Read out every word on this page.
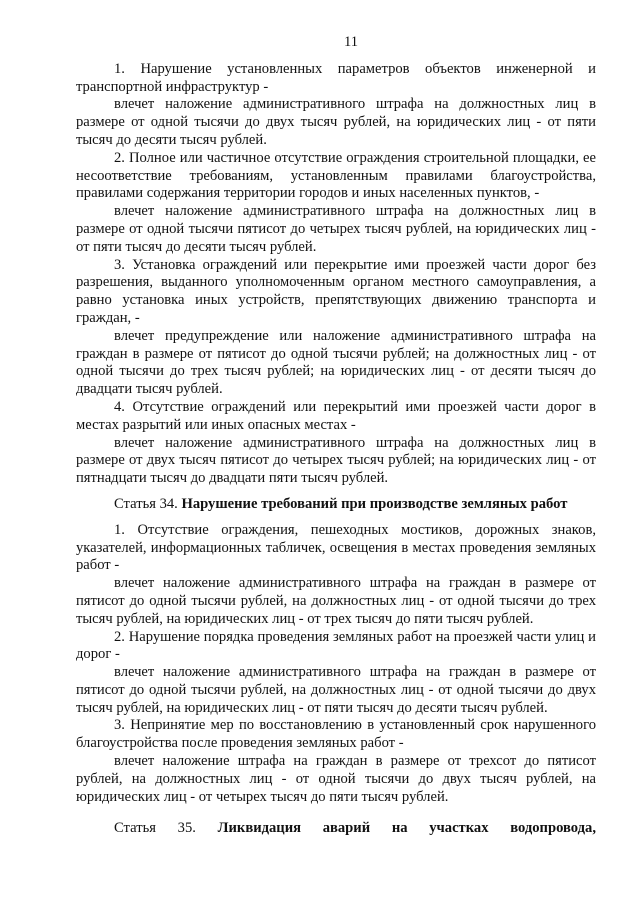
11

1. Нарушение установленных параметров объектов инженерной и транспортной инфраструктур -

влечет наложение административного штрафа на должностных лиц в размере от одной тысячи до двух тысяч рублей, на юридических лиц - от пяти тысяч до десяти тысяч рублей.

2. Полное или частичное отсутствие ограждения строительной площадки, ее несоответствие требованиям, установленным правилами благоустройства, правилами содержания территории городов и иных населенных пунктов, -

влечет наложение административного штрафа на должностных лиц в размере от одной тысячи пятисот до четырех тысяч рублей, на юридических лиц - от пяти тысяч до десяти тысяч рублей.

3. Установка ограждений или перекрытие ими проезжей части дорог без разрешения, выданного уполномоченным органом местного самоуправления, а равно установка иных устройств, препятствующих движению транспорта и граждан, -

влечет предупреждение или наложение административного штрафа на граждан в размере от пятисот до одной тысячи рублей; на должностных лиц - от одной тысячи до трех тысяч рублей; на юридических лиц - от десяти тысяч до двадцати тысяч рублей.

4. Отсутствие ограждений или перекрытий ими проезжей части дорог в местах разрытий или иных опасных местах -

влечет наложение административного штрафа на должностных лиц в размере от двух тысяч пятисот до четырех тысяч рублей; на юридических лиц - от пятнадцати тысяч до двадцати пяти тысяч рублей.

Статья 34. Нарушение требований при производстве земляных работ

1. Отсутствие ограждения, пешеходных мостиков, дорожных знаков, указателей, информационных табличек, освещения в местах проведения земляных работ -

влечет наложение административного штрафа на граждан в размере от пятисот до одной тысячи рублей, на должностных лиц - от одной тысячи до трех тысяч рублей, на юридических лиц - от трех тысяч до пяти тысяч рублей.

2. Нарушение порядка проведения земляных работ на проезжей части улиц и дорог -

влечет наложение административного штрафа на граждан в размере от пятисот до одной тысячи рублей, на должностных лиц - от одной тысячи до двух тысяч рублей, на юридических лиц - от пяти тысяч до десяти тысяч рублей.

3. Непринятие мер по восстановлению в установленный срок нарушенного благоустройства после проведения земляных работ -

влечет наложение штрафа на граждан в размере от трехсот до пятисот рублей, на должностных лиц - от одной тысячи до двух тысяч рублей, на юридических лиц - от четырех тысяч до пяти тысяч рублей.

Статья 35. Ликвидация аварий на участках водопровода,
